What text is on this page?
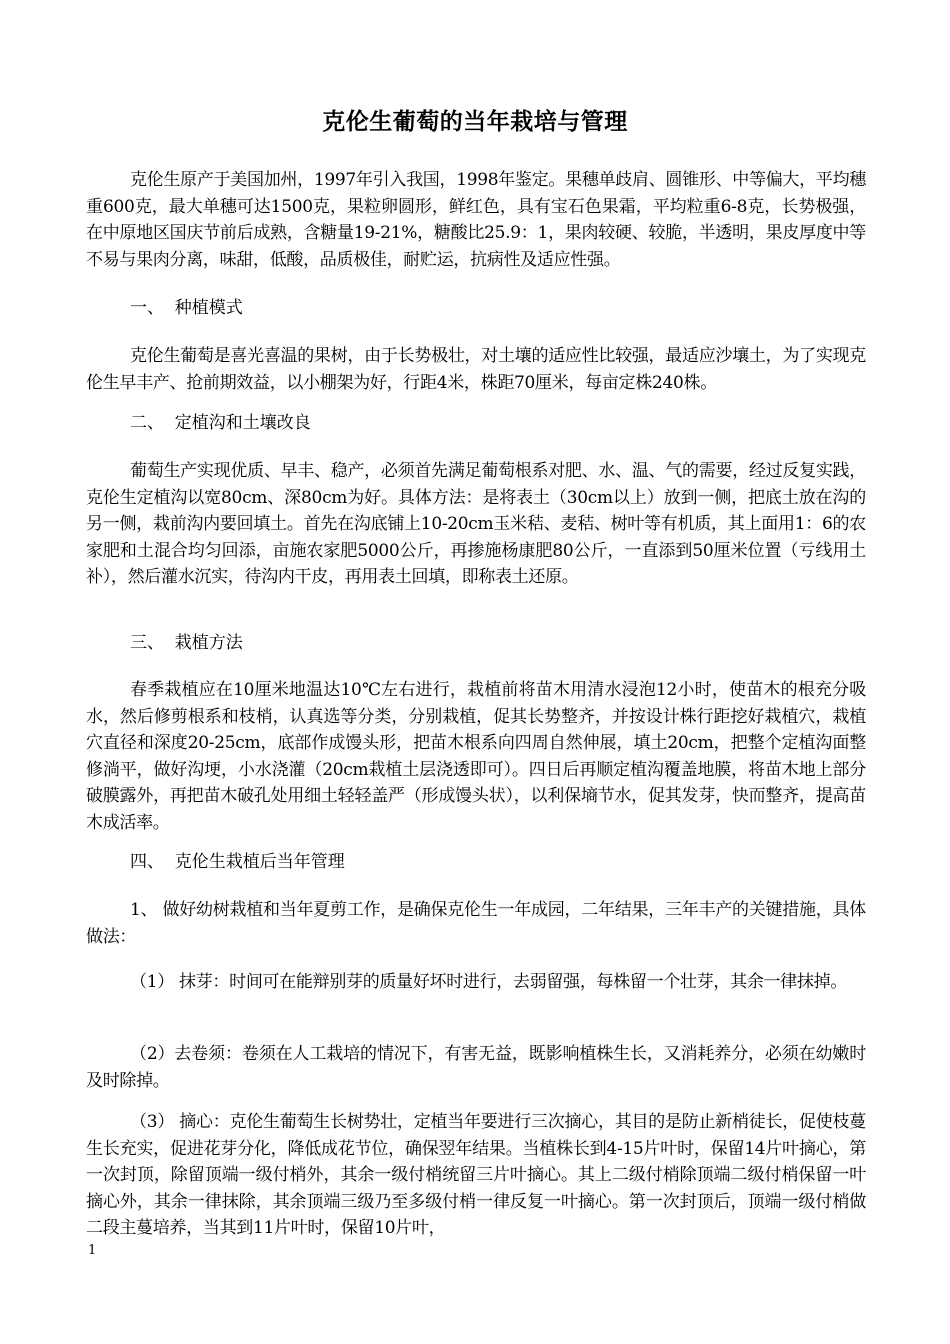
克伦生葡萄的当年栽培与管理
克伦生原产于美国加州，1997年引入我国，1998年鉴定。果穗单歧肩、圆锥形、中等偏大，平均穗重600克，最大单穗可达1500克，果粒卵圆形，鲜红色，具有宝石色果霜，平均粒重6-8克，长势极强，在中原地区国庆节前后成熟，含糖量19-21%，糖酸比25.9：1，果肉较硬、较脆，半透明，果皮厚度中等不易与果肉分离，味甜，低酸，品质极佳，耐贮运，抗病性及适应性强。
一、  种植模式
克伦生葡萄是喜光喜温的果树，由于长势极壮，对土壤的适应性比较强，最适应沙壤土，为了实现克伦生早丰产、抢前期效益，以小棚架为好，行距4米，株距70厘米，每亩定株240株。
二、  定植沟和土壤改良
葡萄生产实现优质、早丰、稳产，必须首先满足葡萄根系对肥、水、温、气的需要，经过反复实践，克伦生定植沟以宽80cm、深80cm为好。具体方法：是将表土（30cm以上）放到一侧，把底土放在沟的另一侧，栽前沟内要回填土。首先在沟底铺上10-20cm玉米秸、麦秸、树叶等有机质，其上面用1：6的农家肥和土混合均匀回添，亩施农家肥5000公斤，再掺施杨康肥80公斤，一直添到50厘米位置（亏线用土补），然后灌水沉实，待沟内干皮，再用表土回填，即称表土还原。
三、  栽植方法
春季栽植应在10厘米地温达10℃左右进行，栽植前将苗木用清水浸泡12小时，使苗木的根充分吸水，然后修剪根系和枝梢，认真选等分类，分别栽植，促其长势整齐，并按设计株行距挖好栽植穴，栽植穴直径和深度20-25cm，底部作成馒头形，把苗木根系向四周自然伸展，填土20cm，把整个定植沟面整修淌平，做好沟埂，小水浇灌（20cm栽植土层浇透即可）。四日后再顺定植沟覆盖地膜，将苗木地上部分破膜露外，再把苗木破孔处用细土轻轻盖严（形成馒头状），以利保墒节水，促其发芽，快而整齐，提高苗木成活率。
四、  克伦生栽植后当年管理
1、 做好幼树栽植和当年夏剪工作，是确保克伦生一年成园，二年结果，三年丰产的关键措施，具体做法：
（1） 抹芽：时间可在能辩别芽的质量好坏时进行，去弱留强，每株留一个壮芽，其余一律抹掉。
（2）去卷须：卷须在人工栽培的情况下，有害无益，既影响植株生长，又消耗养分，必须在幼嫩时及时除掉。
（3） 摘心：克伦生葡萄生长树势壮，定植当年要进行三次摘心，其目的是防止新梢徒长，促使枝蔓生长充实，促进花芽分化，降低成花节位，确保翌年结果。当植株长到4-15片叶时，保留14片叶摘心，第一次封顶，除留顶端一级付梢外，其余一级付梢统留三片叶摘心。其上二级付梢除顶端二级付梢保留一叶摘心外，其余一律抹除，其余顶端三级乃至多级付梢一律反复一叶摘心。第一次封顶后，顶端一级付梢做二段主蔓培养，当其到11片叶时，保留10片叶，
1
